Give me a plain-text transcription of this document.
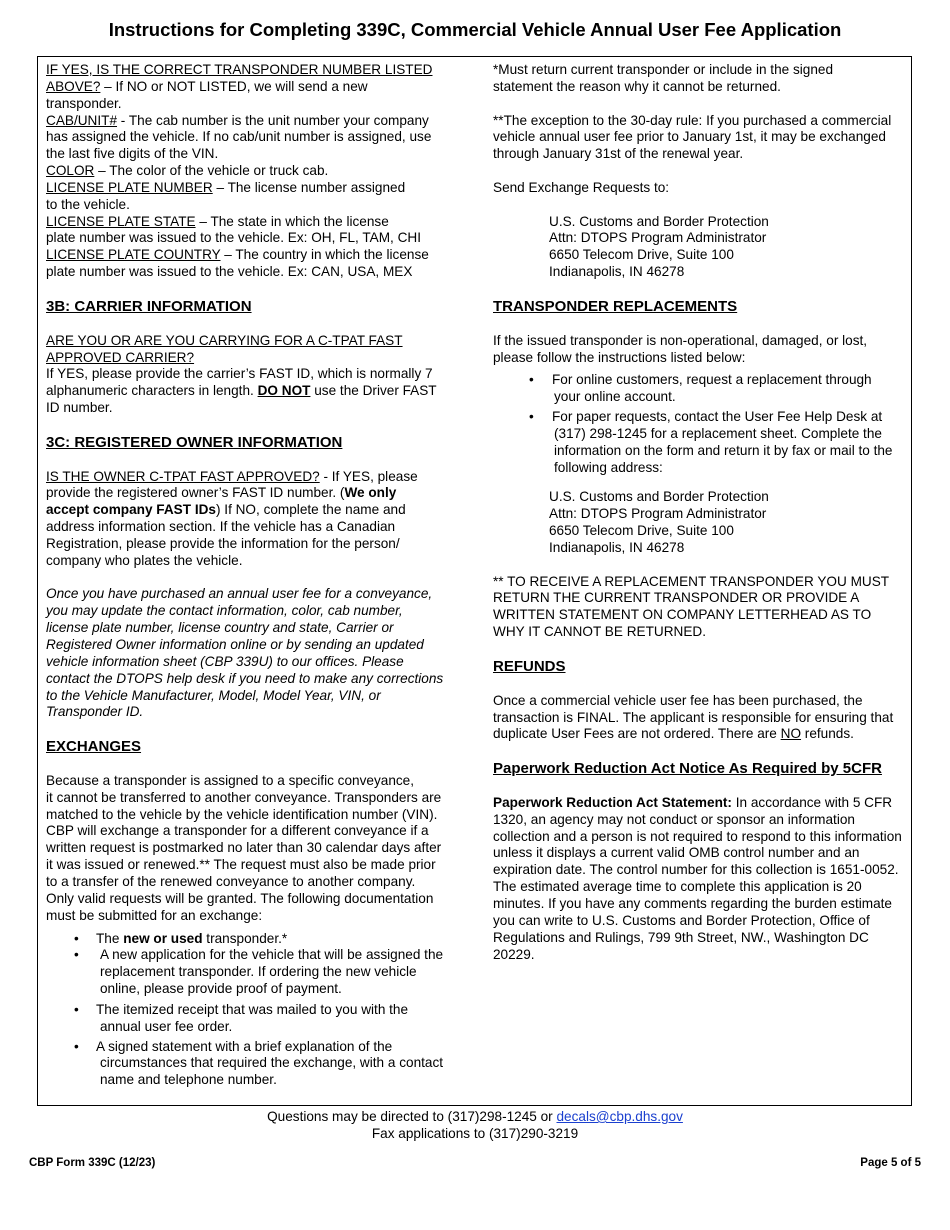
Instructions for Completing 339C, Commercial Vehicle Annual User Fee Application
IF YES, IS THE CORRECT TRANSPONDER NUMBER LISTED
ABOVE? – If NO or NOT LISTED, we will send a new
transponder.
CAB/UNIT# - The cab number is the unit number your company
has assigned the vehicle. If no cab/unit number is assigned, use
the last five digits of the VIN.
COLOR – The color of the vehicle or truck cab.
LICENSE PLATE NUMBER – The license number assigned
to the vehicle.
LICENSE PLATE STATE – The state in which the license
plate number was issued to the vehicle. Ex: OH, FL, TAM, CHI
LICENSE PLATE COUNTRY – The country in which the license
plate number was issued to the vehicle. Ex: CAN, USA, MEX
3B: CARRIER INFORMATION
ARE YOU OR ARE YOU CARRYING FOR A C-TPAT FAST
APPROVED CARRIER?
If YES, please provide the carrier’s FAST ID, which is normally 7
alphanumeric characters in length. DO NOT use the Driver FAST
ID number.
3C: REGISTERED OWNER INFORMATION
IS THE OWNER C-TPAT FAST APPROVED? - If YES, please
provide the registered owner’s FAST ID number. (We only
accept company FAST IDs) If NO, complete the name and
address information section. If the vehicle has a Canadian
Registration, please provide the information for the person/
company who plates the vehicle.
Once you have purchased an annual user fee for a conveyance,
you may update the contact information, color, cab number,
license plate number, license country and state, Carrier or
Registered Owner information online or by sending an updated
vehicle information sheet (CBP 339U) to our offices. Please
contact the DTOPS help desk if you need to make any corrections
to the Vehicle Manufacturer, Model, Model Year, VIN, or
Transponder ID.
EXCHANGES
Because a transponder is assigned to a specific conveyance,
it cannot be transferred to another conveyance. Transponders are
matched to the vehicle by the vehicle identification number (VIN).
CBP will exchange a transponder for a different conveyance if a
written request is postmarked no later than 30 calendar days after
it was issued or renewed.** The request must also be made prior
to a transfer of the renewed conveyance to another company.
Only valid requests will be granted. The following documentation
must be submitted for an exchange:
• The new or used transponder.*
• A new application for the vehicle that will be assigned the
replacement transponder. If ordering the new vehicle
online, please provide proof of payment.
• The itemized receipt that was mailed to you with the
annual user fee order.
• A signed statement with a brief explanation of the
circumstances that required the exchange, with a contact
name and telephone number.
*Must return current transponder or include in the signed
statement the reason why it cannot be returned.
**The exception to the 30-day rule: If you purchased a commercial
vehicle annual user fee prior to January 1st, it may be exchanged
through January 31st of the renewal year.
Send Exchange Requests to:
U.S. Customs and Border Protection
Attn: DTOPS Program Administrator
6650 Telecom Drive, Suite 100
Indianapolis, IN 46278
TRANSPONDER REPLACEMENTS
If the issued transponder is non-operational, damaged, or lost,
please follow the instructions listed below:
• For online customers, request a replacement through
your online account.
• For paper requests, contact the User Fee Help Desk at
(317) 298-1245 for a replacement sheet. Complete the
information on the form and return it by fax or mail to the
following address:
U.S. Customs and Border Protection
Attn: DTOPS Program Administrator
6650 Telecom Drive, Suite 100
Indianapolis, IN 46278
** TO RECEIVE A REPLACEMENT TRANSPONDER YOU MUST
RETURN THE CURRENT TRANSPONDER OR PROVIDE A
WRITTEN STATEMENT ON COMPANY LETTERHEAD AS TO
WHY IT CANNOT BE RETURNED.
REFUNDS
Once a commercial vehicle user fee has been purchased, the
transaction is FINAL. The applicant is responsible for ensuring that
duplicate User Fees are not ordered. There are NO refunds.
Paperwork Reduction Act Notice As Required by 5CFR
Paperwork Reduction Act Statement: In accordance with 5 CFR
1320, an agency may not conduct or sponsor an information
collection and a person is not required to respond to this information
unless it displays a current valid OMB control number and an
expiration date. The control number for this collection is 1651-0052.
The estimated average time to complete this application is 20
minutes. If you have any comments regarding the burden estimate
you can write to U.S. Customs and Border Protection, Office of
Regulations and Rulings, 799 9th Street, NW., Washington DC
20229.
Questions may be directed to (317)298-1245 or decals@cbp.dhs.gov
Fax applications to (317)290-3219
CBP Form 339C (12/23)	Page 5 of 5
